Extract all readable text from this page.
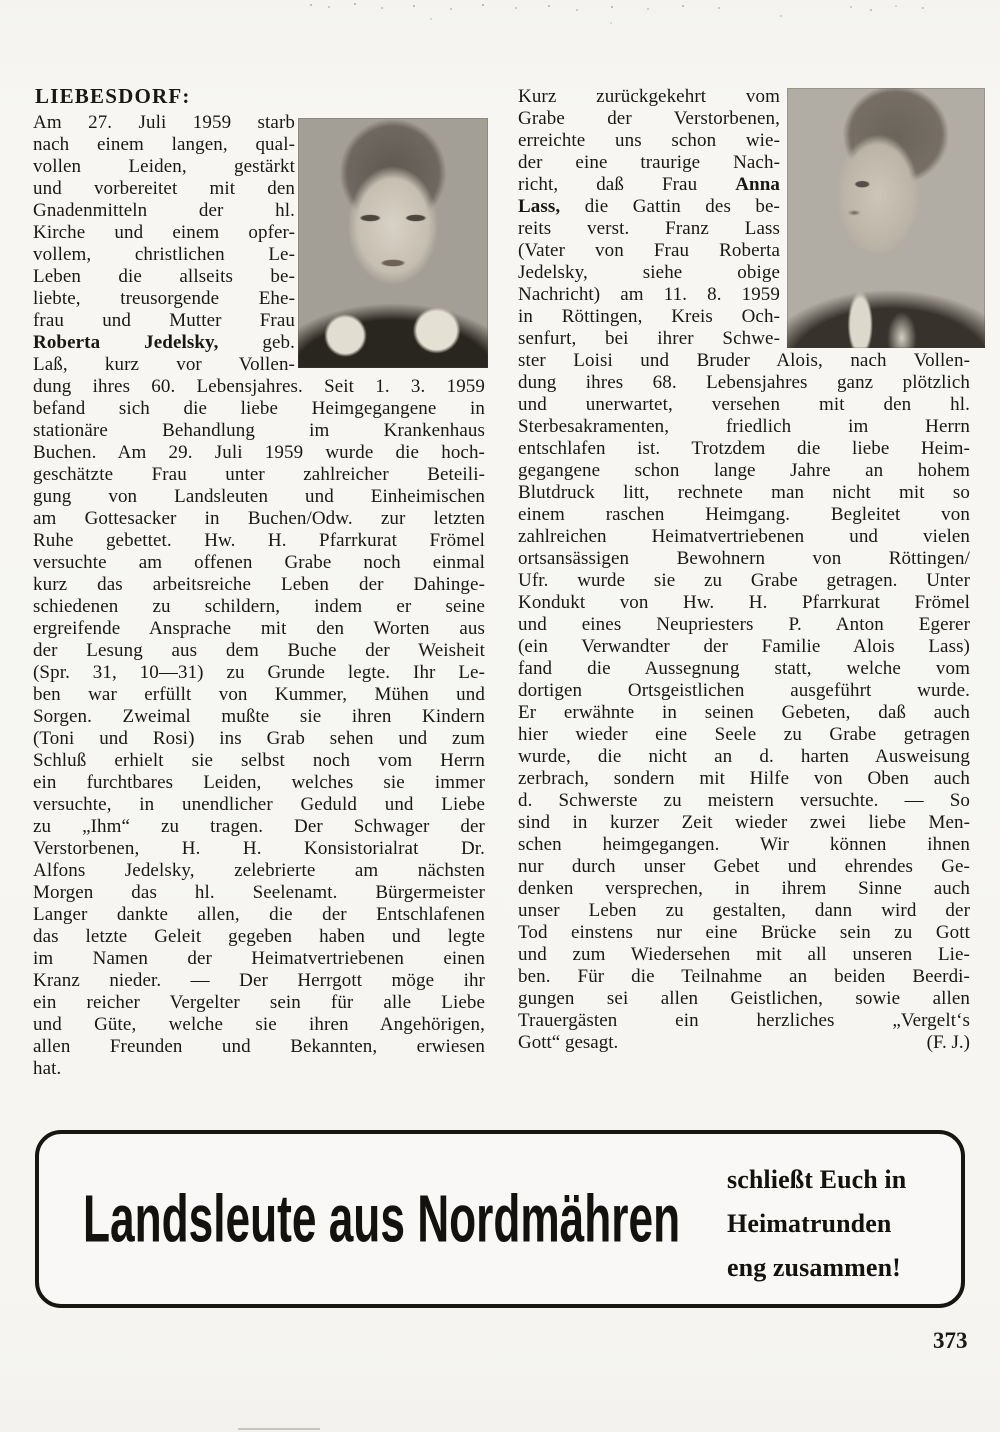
LIEBESDORF:
Am 27. Juli 1959 starb
nach einem langen, qual-
vollen Leiden, gestärkt
und vorbereitet mit den
Gnadenmitteln der hl.
Kirche und einem opfer-
vollem, christlichen Le-
Leben die allseits be-
liebte, treusorgende Ehe-
frau und Mutter Frau
Roberta Jedelsky, geb.
Laß, kurz vor Vollen-
dung ihres 60. Lebensjahres. Seit 1. 3. 1959
befand sich die liebe Heimgegangene in
stationäre Behandlung im Krankenhaus
Buchen. Am 29. Juli 1959 wurde die hoch-
geschätzte Frau unter zahlreicher Beteili-
gung von Landsleuten und Einheimischen
am Gottesacker in Buchen/Odw. zur letzten
Ruhe gebettet. Hw. H. Pfarrkurat Frömel
versuchte am offenen Grabe noch einmal
kurz das arbeitsreiche Leben der Dahinge-
schiedenen zu schildern, indem er seine
ergreifende Ansprache mit den Worten aus
der Lesung aus dem Buche der Weisheit
(Spr. 31, 10—31) zu Grunde legte. Ihr Le-
ben war erfüllt von Kummer, Mühen und
Sorgen. Zweimal mußte sie ihren Kindern
(Toni und Rosi) ins Grab sehen und zum
Schluß erhielt sie selbst noch vom Herrn
ein furchtbares Leiden, welches sie immer
versuchte, in unendlicher Geduld und Liebe
zu „Ihm“ zu tragen. Der Schwager der
Verstorbenen, H. H. Konsistorialrat Dr.
Alfons Jedelsky, zelebrierte am nächsten
Morgen das hl. Seelenamt. Bürgermeister
Langer dankte allen, die der Entschlafenen
das letzte Geleit gegeben haben und legte
im Namen der Heimatvertriebenen einen
Kranz nieder. — Der Herrgott möge ihr
ein reicher Vergelter sein für alle Liebe
und Güte, welche sie ihren Angehörigen,
allen Freunden und Bekannten, erwiesen
hat.
Kurz zurückgekehrt vom
Grabe der Verstorbenen,
erreichte uns schon wie-
der eine traurige Nach-
richt, daß Frau Anna
Lass, die Gattin des be-
reits verst. Franz Lass
(Vater von Frau Roberta
Jedelsky, siehe obige
Nachricht) am 11. 8. 1959
in Röttingen, Kreis Och-
senfurt, bei ihrer Schwe-
ster Loisi und Bruder Alois, nach Vollen-
dung ihres 68. Lebensjahres ganz plötzlich
und unerwartet, versehen mit den hl.
Sterbesakramenten, friedlich im Herrn
entschlafen ist. Trotzdem die liebe Heim-
gegangene schon lange Jahre an hohem
Blutdruck litt, rechnete man nicht mit so
einem raschen Heimgang. Begleitet von
zahlreichen Heimatvertriebenen und vielen
ortsansässigen Bewohnern von Röttingen/
Ufr. wurde sie zu Grabe getragen. Unter
Kondukt von Hw. H. Pfarrkurat Frömel
und eines Neupriesters P. Anton Egerer
(ein Verwandter der Familie Alois Lass)
fand die Aussegnung statt, welche vom
dortigen Ortsgeistlichen ausgeführt wurde.
Er erwähnte in seinen Gebeten, daß auch
hier wieder eine Seele zu Grabe getragen
wurde, die nicht an d. harten Ausweisung
zerbrach, sondern mit Hilfe von Oben auch
d. Schwerste zu meistern versuchte. — So
sind in kurzer Zeit wieder zwei liebe Men-
schen heimgegangen. Wir können ihnen
nur durch unser Gebet und ehrendes Ge-
denken versprechen, in ihrem Sinne auch
unser Leben zu gestalten, dann wird der
Tod einstens nur eine Brücke sein zu Gott
und zum Wiedersehen mit all unseren Lie-
ben. Für die Teilnahme an beiden Beerdi-
gungen sei allen Geistlichen, sowie allen
Trauergästen ein herzliches „Vergelt‘s
Gott“ gesagt.	(F. J.)
Landsleute aus Nordmähren
schließt Euch in
Heimatrunden
eng zusammen!
373
